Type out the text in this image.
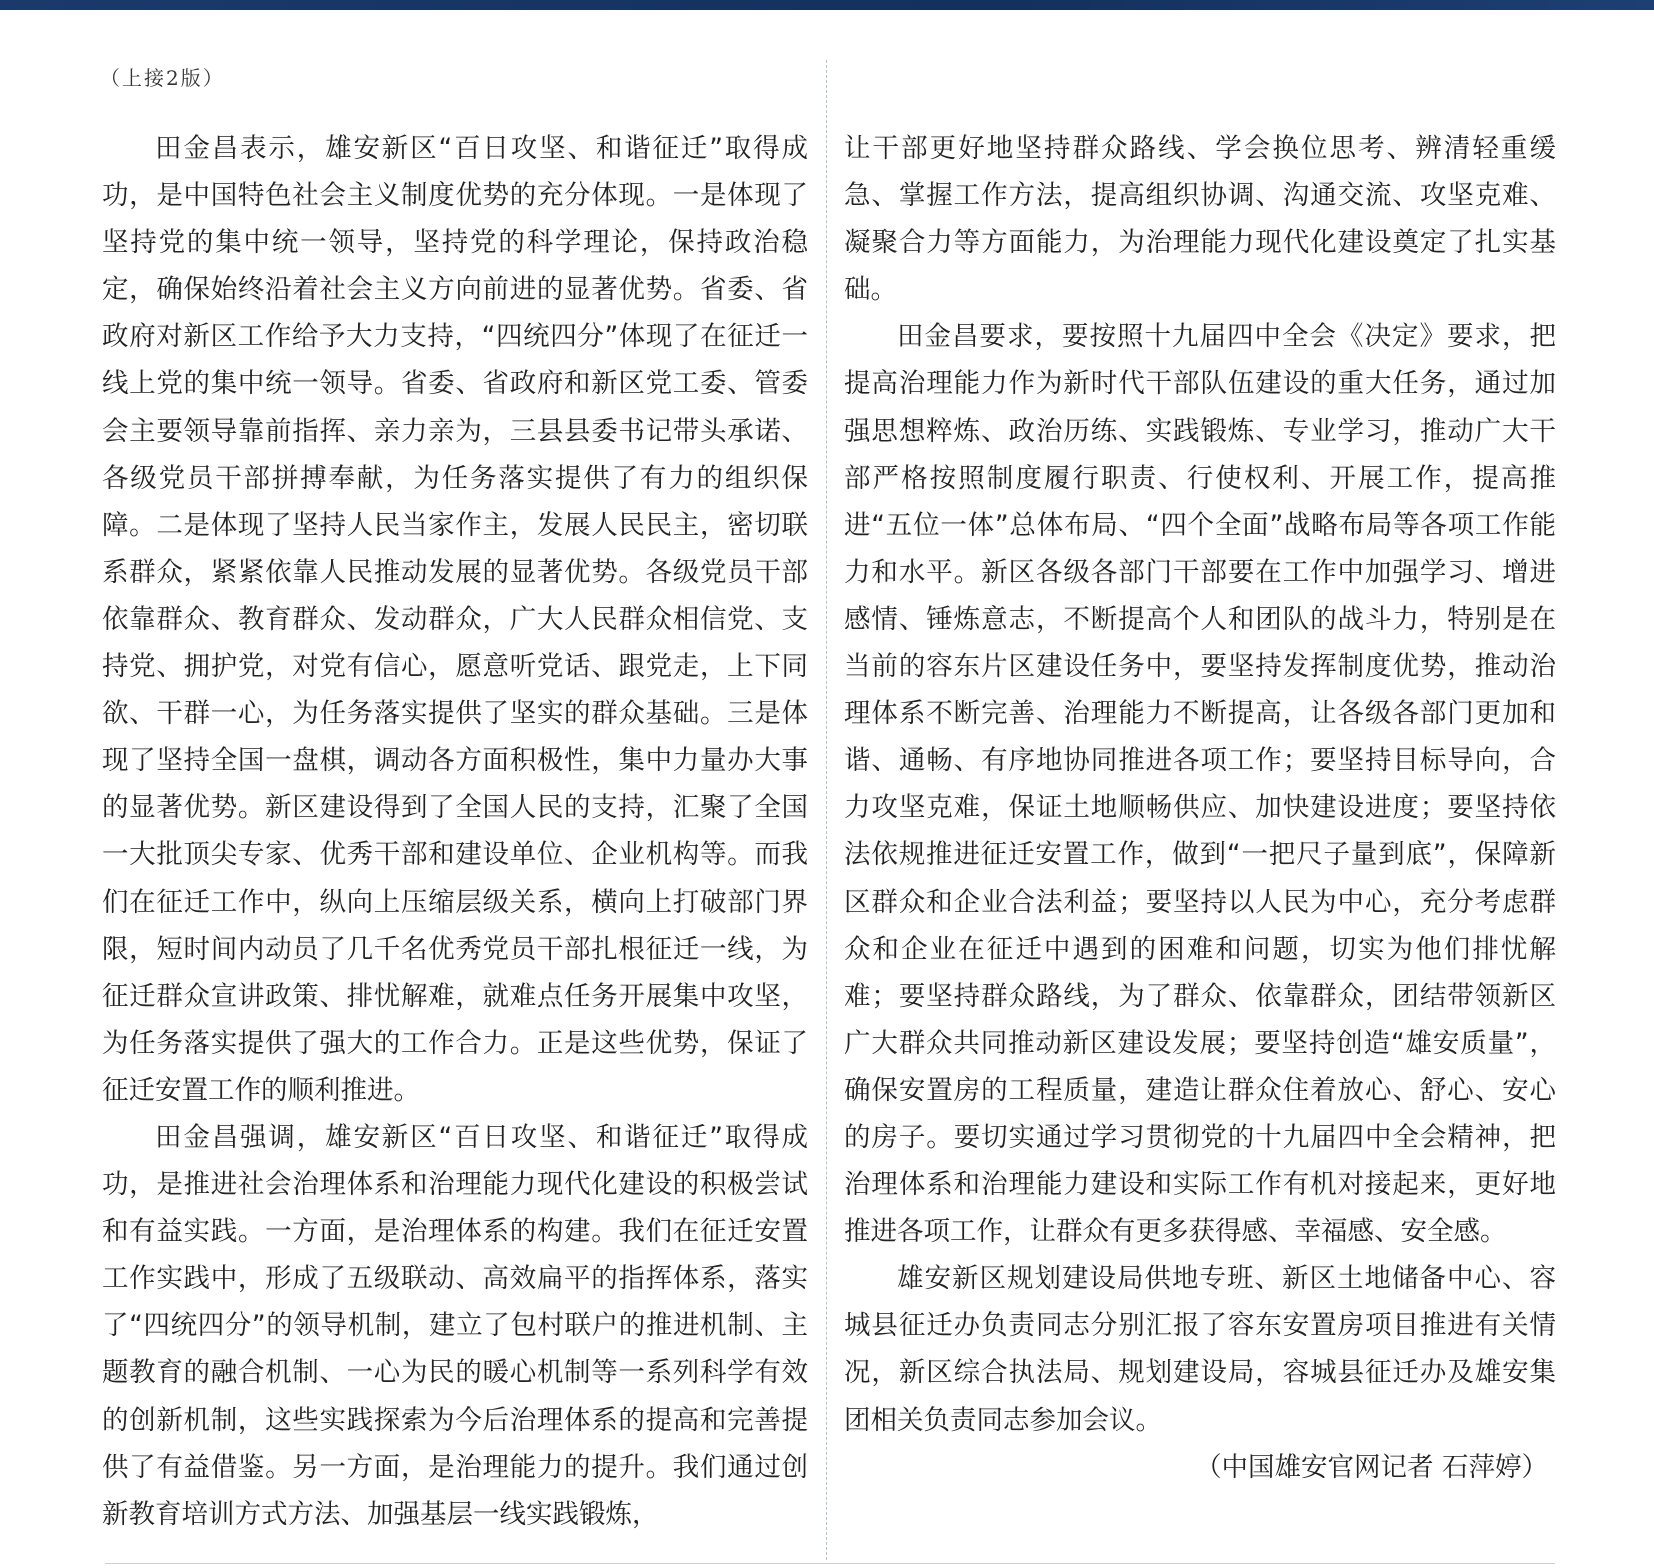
（上接2版）

田金昌表示，雄安新区“百日攻坚、和谐征迁”取得成功，是中国特色社会主义制度优势的充分体现。一是体现了坚持党的集中统一领导，坚持党的科学理论，保持政治稳定，确保始终沿着社会主义方向前进的显著优势。省委、省政府对新区工作给予大力支持，“四统四分”体现了在征迁一线上党的集中统一领导。省委、省政府和新区党工委、管委会主要领导靠前指挥、亲力亲为，三县县委书记带头承诺、各级党员干部拼搏奉献，为任务落实提供了有力的组织保障。二是体现了坚持人民当家作主，发展人民民主，密切联系群众，紧紧依靠人民推动发展的显著优势。各级党员干部依靠群众、教育群众、发动群众，广大人民群众相信党、支持党、拥护党，对党有信心，愿意听党话、跟党走，上下同欲、干群一心，为任务落实提供了坚实的群众基础。三是体现了坚持全国一盘棋，调动各方面积极性，集中力量办大事的显著优势。新区建设得到了全国人民的支持，汇聚了全国一大批顶尖专家、优秀干部和建设单位、企业机构等。而我们在征迁工作中，纵向上压缩层级关系，横向上打破部门界限，短时间内动员了几千名优秀党员干部扎根征迁一线，为征迁群众宣讲政策、排忧解难，就难点任务开展集中攻坚，为任务落实提供了强大的工作合力。正是这些优势，保证了征迁安置工作的顺利推进。

田金昌强调，雄安新区“百日攻坚、和谐征迁”取得成功，是推进社会治理体系和治理能力现代化建设的积极尝试和有益实践。一方面，是治理体系的构建。我们在征迁安置工作实践中，形成了五级联动、高效扁平的指挥体系，落实了“四统四分”的领导机制，建立了包村联户的推进机制、主题教育的融合机制、一心为民的暖心机制等一系列科学有效的创新机制，这些实践探索为今后治理体系的提高和完善提供了有益借鉴。另一方面，是治理能力的提升。我们通过创新教育培训方式方法、加强基层一线实践锻炼，

让干部更好地坚持群众路线、学会换位思考、辨清轻重缓急、掌握工作方法，提高组织协调、沟通交流、攻坚克难、凝聚合力等方面能力，为治理能力现代化建设奠定了扎实基础。

田金昌要求，要按照十九届四中全会《决定》要求，把提高治理能力作为新时代干部队伍建设的重大任务，通过加强思想粹炼、政治历练、实践锻炼、专业学习，推动广大干部严格按照制度履行职责、行使权利、开展工作，提高推进“五位一体”总体布局、“四个全面”战略布局等各项工作能力和水平。新区各级各部门干部要在工作中加强学习、增进感情、锤炼意志，不断提高个人和团队的战斗力，特别是在当前的容东片区建设任务中，要坚持发挥制度优势，推动治理体系不断完善、治理能力不断提高，让各级各部门更加和谐、通畅、有序地协同推进各项工作；要坚持目标导向，合力攻坚克难，保证土地顺畅供应、加快建设进度；要坚持依法依规推进征迁安置工作，做到“一把尺子量到底”，保障新区群众和企业合法利益；要坚持以人民为中心，充分考虑群众和企业在征迁中遇到的困难和问题，切实为他们排忧解难；要坚持群众路线，为了群众、依靠群众，团结带领新区广大群众共同推动新区建设发展；要坚持创造“雄安质量”，确保安置房的工程质量，建造让群众住着放心、舒心、安心的房子。要切实通过学习贯彻党的十九届四中全会精神，把治理体系和治理能力建设和实际工作有机对接起来，更好地推进各项工作，让群众有更多获得感、幸福感、安全感。

雄安新区规划建设局供地专班、新区土地储备中心、容城县征迁办负责同志分别汇报了容东安置房项目推进有关情况，新区综合执法局、规划建设局，容城县征迁办及雄安集团相关负责同志参加会议。

（中国雄安官网记者 石萍婷）
